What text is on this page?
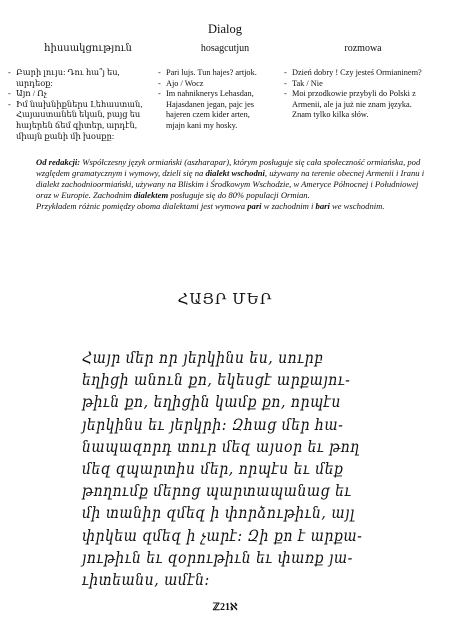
Dialog
հիսսակցություն	hosagcutjun	rozmowa
- Բարի լույս: Դու հա՞յ ես, արդեօք:
- Այո / Ոչ
- Իմ նախնիքներս Լեհաստան,
Հայաստանեն եկան, բայց ես
հայերեն ճեմ գիտեր, արդէն,
միայն քանի մի խօսքը:
- Pari lujs. Tun hajes? artjok.
- Ajo / Wocz
- Im nahniknerys Lehasdan,
Hajasdanen jegan, pajc jes
hajeren czem kider arten,
mjajn kani my hosky.
- Dzień dobry ! Czy jesteś Ormianinem?
- Tak / Nie
- Moi przodkowie przybyli do Polski z
Armenii, ale ja już nie znam języka.
Znam tylko kilka słów.
Od redakcji: Współczesny język ormiański (aszharapar), którym posługuje się cała społeczność ormiańska, pod względem gramatycznym i wymowy, dzieli się na dialekt wschodni, używany na terenie obecnej Armenii i Iranu i dialekt zachodnioormiański, używany na Bliskim i Środkowym Wschodzie, w Ameryce Północnej i Południowej oraz w Europie. Zachodnim dialektem posługuje się do 80% populacji Ormian.
Przykładem różnic pomiędzy oboma dialektami jest wymowa pari w zachodnim i bari we wschodnim.
ՀԱՅՐ ՄԵՐ
Հայր մեր որ յերկինս ես, սուրբ
եղիցի անուն քո, եկեսցէ արքայու-
թիւն քո, եղիցին կամք քո, որպէս
յերկինս եւ յերկրի: Զհաց մեր հա-
նապազորդ տուր մեզ այսօր եւ թող
մեզ զպարտիս մեր, որպէս եւ մեք
թողումք մերոց պարտապանաց եւ
մի տանիր զմեզ ի փորձութիւն, այլ
փրկեա զմեզ ի չարէ: Զի քո է արքա-
յութիւն եւ զօրութիւն եւ փառք յա-
ւիտեանս, ամէն:
ℤ21ℵ
